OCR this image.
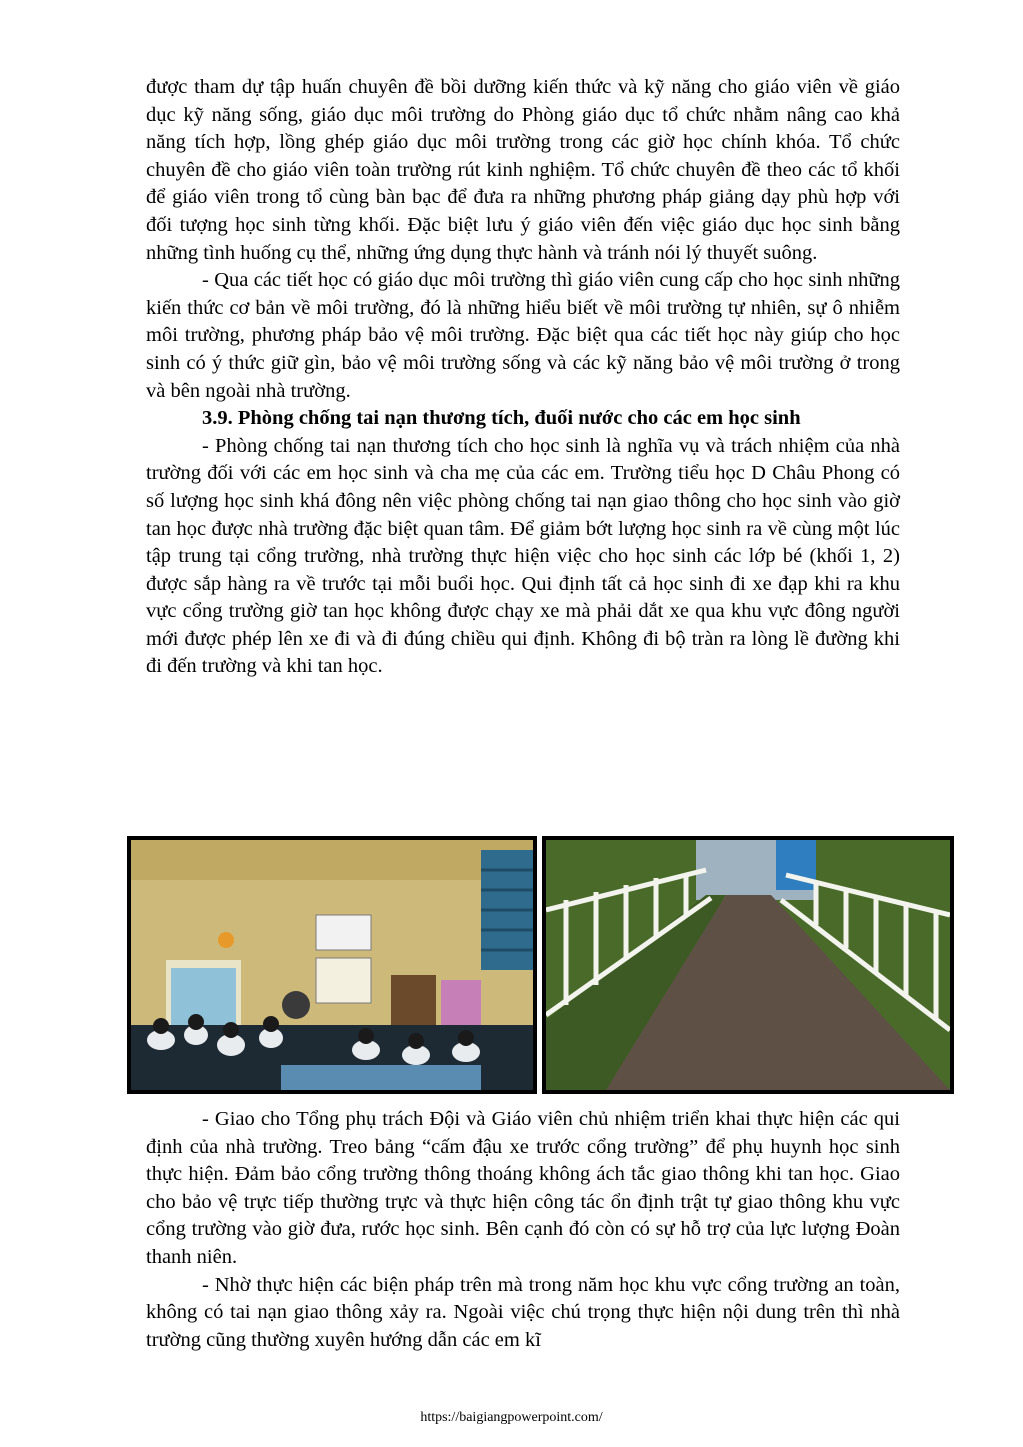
được tham dự tập huấn chuyên đề bồi dưỡng kiến thức và kỹ năng cho giáo viên về giáo dục kỹ năng sống, giáo dục môi trường do Phòng giáo dục tổ chức nhằm nâng cao khả năng tích hợp, lồng ghép giáo dục môi trường trong các giờ học chính khóa. Tổ chức chuyên đề cho giáo viên toàn trường rút kinh nghiệm. Tổ chức chuyên đề theo các tổ khối để giáo viên trong tổ cùng bàn bạc để đưa ra những phương pháp giảng dạy phù hợp với đối tượng học sinh từng khối. Đặc biệt lưu ý giáo viên đến việc giáo dục học sinh bằng những tình huống cụ thể, những ứng dụng thực hành và tránh nói lý thuyết suông.

- Qua các tiết học có giáo dục môi trường thì giáo viên cung cấp cho học sinh những kiến thức cơ bản về môi trường, đó là những hiểu biết về môi trường tự nhiên, sự ô nhiễm môi trường, phương pháp bảo vệ môi trường. Đặc biệt qua các tiết học này giúp cho học sinh có ý thức giữ gìn, bảo vệ môi trường sống và các kỹ năng bảo vệ môi trường ở trong và bên ngoài nhà trường.

3.9. Phòng chống tai nạn thương tích, đuối nước cho các em học sinh

- Phòng chống tai nạn thương tích cho học sinh là nghĩa vụ và trách nhiệm của nhà trường đối với các em học sinh và cha mẹ của các em. Trường tiểu học D Châu Phong có số lượng học sinh khá đông nên việc phòng chống tai nạn giao thông cho học sinh vào giờ tan học được nhà trường đặc biệt quan tâm. Để giảm bớt lượng học sinh ra về cùng một lúc tập trung tại cổng trường, nhà trường thực hiện việc cho học sinh các lớp bé (khối 1, 2) được sắp hàng ra về trước tại mỗi buổi học. Qui định tất cả học sinh đi xe đạp khi ra khu vực cổng trường giờ tan học không được chạy xe mà phải dắt xe qua khu vực đông người mới được phép lên xe đi và đi đúng chiều qui định. Không đi bộ tràn ra lòng lề đường khi đi đến trường và khi tan học.

- Giao cho Tổng phụ trách Đội và Giáo viên chủ nhiệm triển khai thực hiện các qui định của nhà trường. Treo bảng “cấm đậu xe trước cổng trường” để phụ huynh học sinh thực hiện. Đảm bảo cổng trường thông thoáng không ách tắc giao thông khi tan học. Giao cho bảo vệ trực tiếp thường trực và thực hiện công tác ổn định trật tự giao thông khu vực cổng trường vào giờ đưa, rước học sinh. Bên cạnh đó còn có sự hỗ trợ của lực lượng Đoàn thanh niên.

- Nhờ thực hiện các biện pháp trên mà trong năm học khu vực cổng trường an toàn, không có tai nạn giao thông xảy ra. Ngoài việc chú trọng thực hiện nội dung trên thì nhà trường cũng thường xuyên hướng dẫn các em kĩ

https://baigiangpowerpoint.com/
